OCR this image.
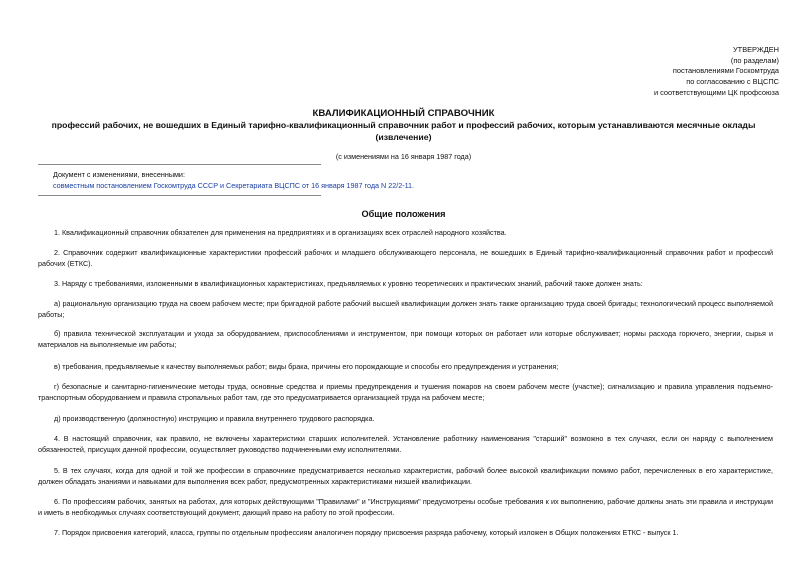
УТВЕРЖДЕН
(по разделам)
постановлениями Госкомтруда
по согласованию с ВЦСПС
и соответствующими ЦК профсоюза
КВАЛИФИКАЦИОННЫЙ СПРАВОЧНИК
профессий рабочих, не вошедших в Единый тарифно-квалификационный справочник работ и профессий рабочих, которым устанавливаются месячные оклады
(извлечение)
(с изменениями на 16 января 1987 года)
Документ с изменениями, внесенными:
совместным постановлением Госкомтруда СССР и Секретариата ВЦСПС от 16 января 1987 года N 22/2-11.
Общие положения
1. Квалификационный справочник обязателен для применения на предприятиях и в организациях всех отраслей народного хозяйства.
2. Справочник содержит квалификационные характеристики профессий рабочих и младшего обслуживающего персонала, не вошедших в Единый тарифно-квалификационный справочник работ и профессий рабочих (ЕТКС).
3. Наряду с требованиями, изложенными в квалификационных характеристиках, предъявляемых к уровню теоретических и практических знаний, рабочий также должен знать:
а) рациональную организацию труда на своем рабочем месте; при бригадной работе рабочий высшей квалификации должен знать также организацию труда своей бригады; технологический процесс выполняемой работы;
б) правила технической эксплуатации и ухода за оборудованием, приспособлениями и инструментом, при помощи которых он работает или которые обслуживает; нормы расхода горючего, энергии, сырья и материалов на выполняемые им работы;
в) требования, предъявляемые к качеству выполняемых работ; виды брака, причины его порождающие и способы его предупреждения и устранения;
г) безопасные и санитарно-гигиенические методы труда, основные средства и приемы предупреждения и тушения пожаров на своем рабочем месте (участке); сигнализацию и правила управления подъемно-транспортным оборудованием и правила стропальных работ там, где это предусматривается организацией труда на рабочем месте;
д) производственную (должностную) инструкцию и правила внутреннего трудового распорядка.
4. В настоящий справочник, как правило, не включены характеристики старших исполнителей. Установление работнику наименования "старший" возможно в тех случаях, если он наряду с выполнением обязанностей, присущих данной профессии, осуществляет руководство подчиненными ему исполнителями.
5. В тех случаях, когда для одной и той же профессии в справочнике предусматривается несколько характеристик, рабочий более высокой квалификации помимо работ, перечисленных в его характеристике, должен обладать знаниями и навыками для выполнения всех работ, предусмотренных характеристиками низшей квалификации.
6. По профессиям рабочих, занятых на работах, для которых действующими "Правилами" и "Инструкциями" предусмотрены особые требования к их выполнению, рабочие должны знать эти правила и инструкции и иметь в необходимых случаях соответствующий документ, дающий право на работу по этой профессии.
7. Порядок присвоения категорий, класса, группы по отдельным профессиям аналогичен порядку присвоения разряда рабочему, который изложен в Общих положениях ЕТКС - выпуск 1.
